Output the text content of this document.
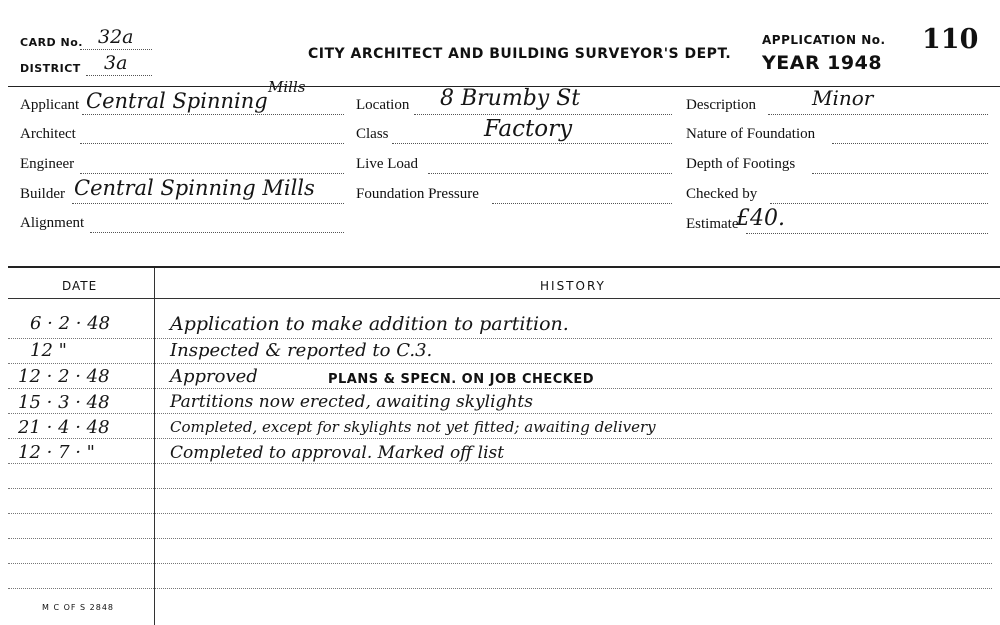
CARD No. 32a
DISTRICT 3a	CITY ARCHITECT AND BUILDING SURVEYOR'S DEPT.
APPLICATION No. 110
YEAR 1948
Applicant Central Spinning
Mills
Architect
Engineer
Builder Central Spinning Mills
Alignment
Location 8 Brumby St
Class	Factory
Live Load
Foundation Pressure
Description	Minor
Nature of Foundation
Depth of Footings
Checked by
Estimate
£40.
DATE	HISTORY
6 · 2 · 48	Application to make addition to partition.
12 "	Inspected & reported to C.3.
12 · 2 · 48	Approved	PLANS & SPECN. ON JOB CHECKED
15 · 3 · 48	Partitions now erected, awaiting skylights
21 · 4 · 48	Completed, except for skylights not yet fitted; awaiting delivery
12 · 7 · "	Completed to approval. Marked off list
M C OF S 2848
